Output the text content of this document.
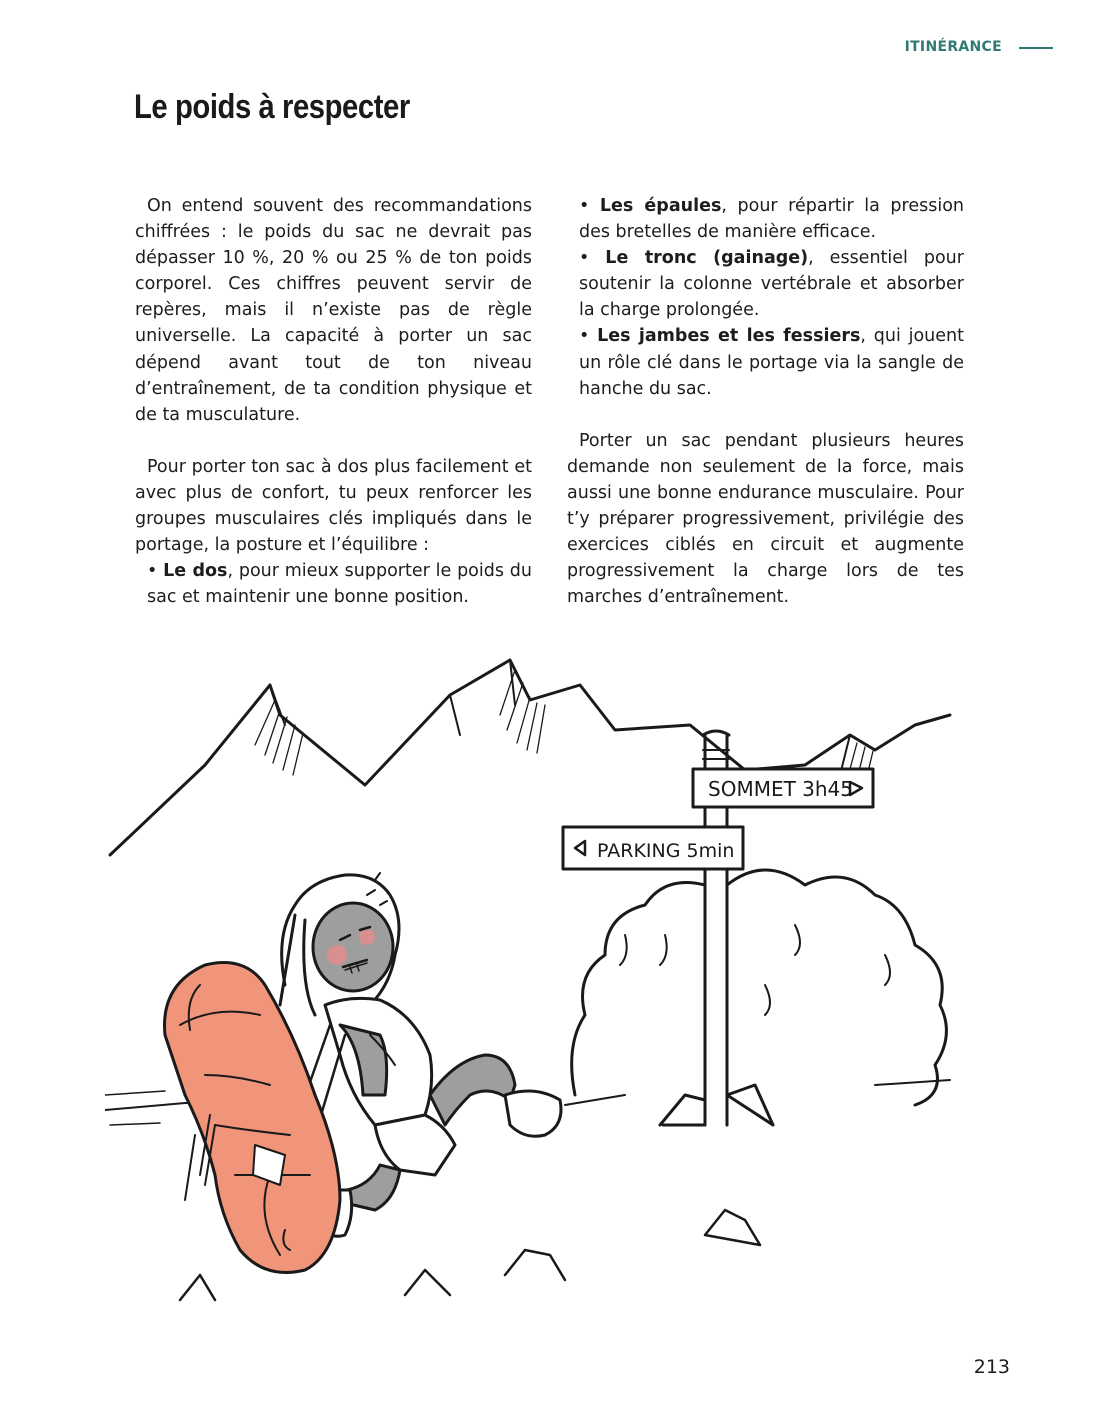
ITINÉRANCE
Le poids à respecter

On entend souvent des recommandations chiffrées : le poids du sac ne devrait pas dépasser 10 %, 20 % ou 25 % de ton poids corporel. Ces chiffres peuvent servir de repères, mais il n’existe pas de règle universelle. La capacité à porter un sac dépend avant tout de ton niveau d’entraînement, de ta condition physique et de ta musculature.

Pour porter ton sac à dos plus facilement et avec plus de confort, tu peux renforcer les groupes musculaires clés impliqués dans le portage, la posture et l’équilibre :

• Le dos, pour mieux supporter le poids du sac et maintenir une bonne position.

• Les épaules, pour répartir la pression des bretelles de manière efficace.

• Le tronc (gainage), essentiel pour soutenir la colonne vertébrale et absorber la charge prolongée.

• Les jambes et les fessiers, qui jouent un rôle clé dans le portage via la sangle de hanche du sac.

Porter un sac pendant plusieurs heures demande non seulement de la force, mais aussi une bonne endurance musculaire. Pour t’y préparer progressivement, privilégie des exercices ciblés en circuit et augmente progressivement la charge lors de tes marches d’entraînement.

SOMMET 3h45
PARKING 5min
213
